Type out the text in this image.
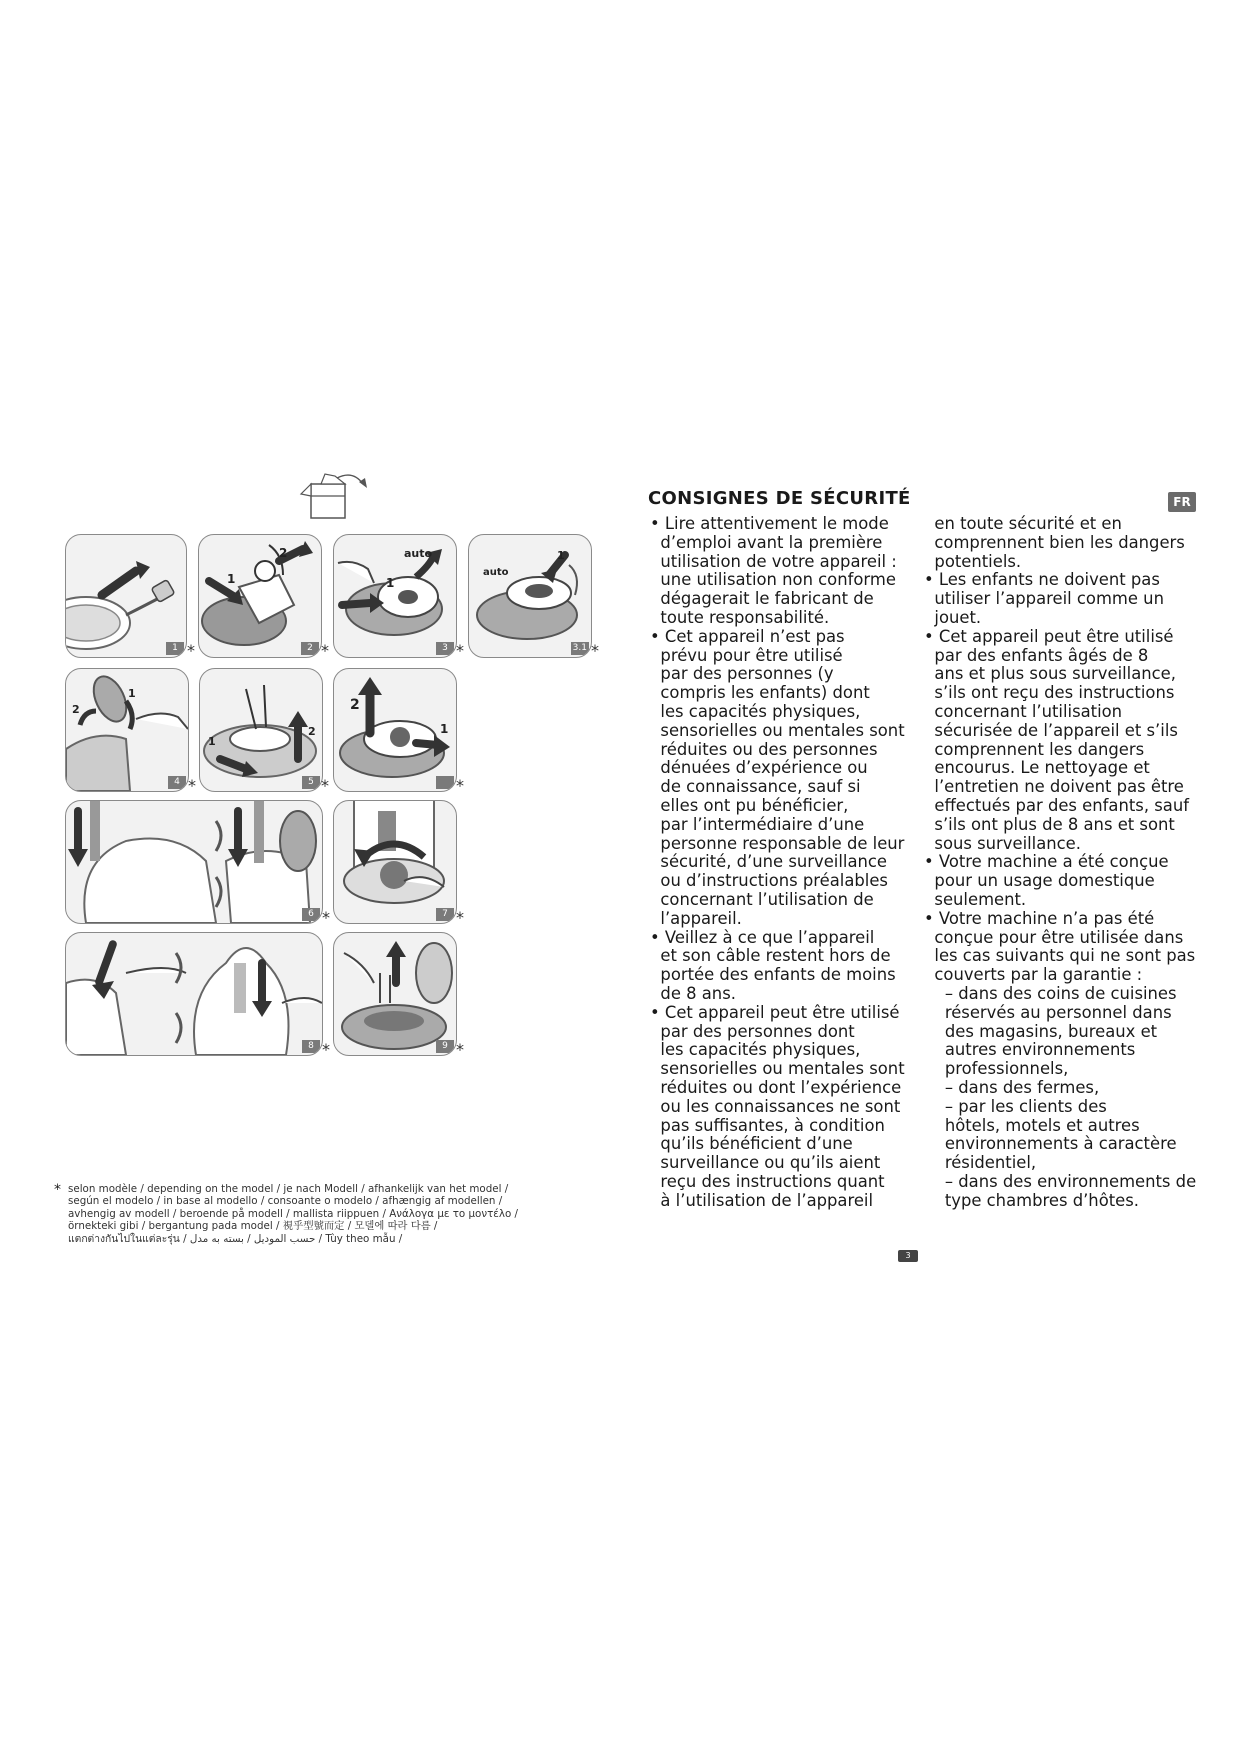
1 *
1
2
2 *
auto
1
3 *
auto
1
3.1 *
2
1
4 *
1
2
5 *
2
1
*
6 *	7 *
8 *	9 *
CONSIGNES DE SÉCURITÉ
• Lire attentivement le mode
d’emploi avant la première
utilisation de votre appareil :
une utilisation non conforme
dégagerait le fabricant de
toute responsabilité.
• Cet appareil n’est pas
prévu pour être utilisé
par des personnes (y
compris les enfants) dont
les capacités physiques,
sensorielles ou mentales sont
réduites ou des personnes
dénuées d’expérience ou
de connaissance, sauf si
elles ont pu bénéficier,
par l’intermédiaire d’une
personne responsable de leur
sécurité, d’une surveillance
ou d’instructions préalables
concernant l’utilisation de
l’appareil.
• Veillez à ce que l’appareil
et son câble restent hors de
portée des enfants de moins
de 8 ans.
• Cet appareil peut être utilisé
par des personnes dont
les capacités physiques,
sensorielles ou mentales sont
réduites ou dont l’expérience
ou les connaissances ne sont
pas suffisantes, à condition
qu’ils bénéficient d’une
surveillance ou qu’ils aient
reçu des instructions quant
à l’utilisation de l’appareil
en toute sécurité et en
comprennent bien les dangers
potentiels.
• Les enfants ne doivent pas
utiliser l’appareil comme un
jouet.
• Cet appareil peut être utilisé
par des enfants âgés de 8
ans et plus sous surveillance,
s’ils ont reçu des instructions
concernant l’utilisation
sécurisée de l’appareil et s’ils
comprennent les dangers
encourus. Le nettoyage et
l’entretien ne doivent pas être
effectués par des enfants, sauf
s’ils ont plus de 8 ans et sont
sous surveillance.
• Votre machine a été conçue
pour un usage domestique
seulement.
• Votre machine n’a pas été
conçue pour être utilisée dans
les cas suivants qui ne sont pas
couverts par la garantie :
– dans des coins de cuisines
réservés au personnel dans
des magasins, bureaux et
autres environnements
professionnels,
– dans des fermes,
– par les clients des
hôtels, motels et autres
environnements à caractère
résidentiel,
– dans des environnements de
type chambres d’hôtes.
FR
3
* selon modèle / depending on the model / je nach Modell / afhankelijk van het model /
según el modelo / in base al modello / consoante o modelo / afhængig af modellen /
avhengig av modell / beroende på modell / mallista riippuen / Ανάλογα με το μοντέλο /
örnekteki gibi / bergantung pada model / 視乎型號而定 / 모델에 따라 다름 /
แตกต่างกันไปในแต่ละรุ่น / حسب الموديل / بسته به مدل / Tùy theo mẫu /
